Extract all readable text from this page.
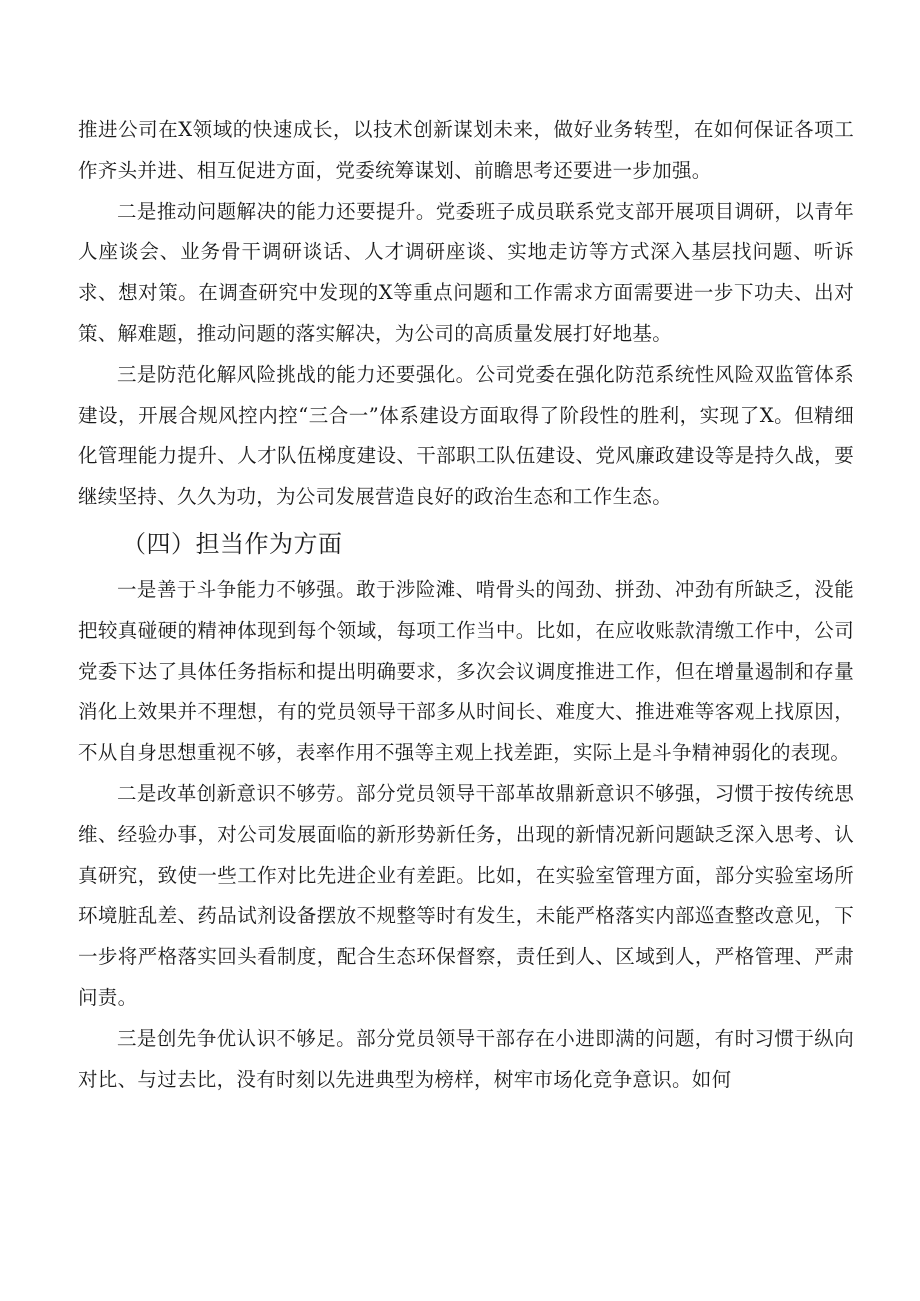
推进公司在X领域的快速成长，以技术创新谋划未来，做好业务转型，在如何保证各项工作齐头并进、相互促进方面，党委统筹谋划、前瞻思考还要进一步加强。

二是推动问题解决的能力还要提升。党委班子成员联系党支部开展项目调研，以青年人座谈会、业务骨干调研谈话、人才调研座谈、实地走访等方式深入基层找问题、听诉求、想对策。在调查研究中发现的X等重点问题和工作需求方面需要进一步下功夫、出对策、解难题，推动问题的落实解决，为公司的高质量发展打好地基。

三是防范化解风险挑战的能力还要强化。公司党委在强化防范系统性风险双监管体系建设，开展合规风控内控“三合一”体系建设方面取得了阶段性的胜利，实现了X。但精细化管理能力提升、人才队伍梯度建设、干部职工队伍建设、党风廉政建设等是持久战，要继续坚持、久久为功，为公司发展营造良好的政治生态和工作生态。

（四）担当作为方面

一是善于斗争能力不够强。敢于涉险滩、啃骨头的闯劲、拼劲、冲劲有所缺乏，没能把较真碰硬的精神体现到每个领域，每项工作当中。比如，在应收账款清缴工作中，公司党委下达了具体任务指标和提出明确要求，多次会议调度推进工作，但在增量遏制和存量消化上效果并不理想，有的党员领导干部多从时间长、难度大、推进难等客观上找原因，不从自身思想重视不够，表率作用不强等主观上找差距，实际上是斗争精神弱化的表现。

二是改革创新意识不够劳。部分党员领导干部革故鼎新意识不够强，习惯于按传统思维、经验办事，对公司发展面临的新形势新任务，出现的新情况新问题缺乏深入思考、认真研究，致使一些工作对比先进企业有差距。比如，在实验室管理方面，部分实验室场所环境脏乱差、药品试剂设备摆放不规整等时有发生，未能严格落实内部巡查整改意见，下一步将严格落实回头看制度，配合生态环保督察，责任到人、区域到人，严格管理、严肃问责。

三是创先争优认识不够足。部分党员领导干部存在小进即满的问题，有时习惯于纵向对比、与过去比，没有时刻以先进典型为榜样，树牢市场化竞争意识。如何
